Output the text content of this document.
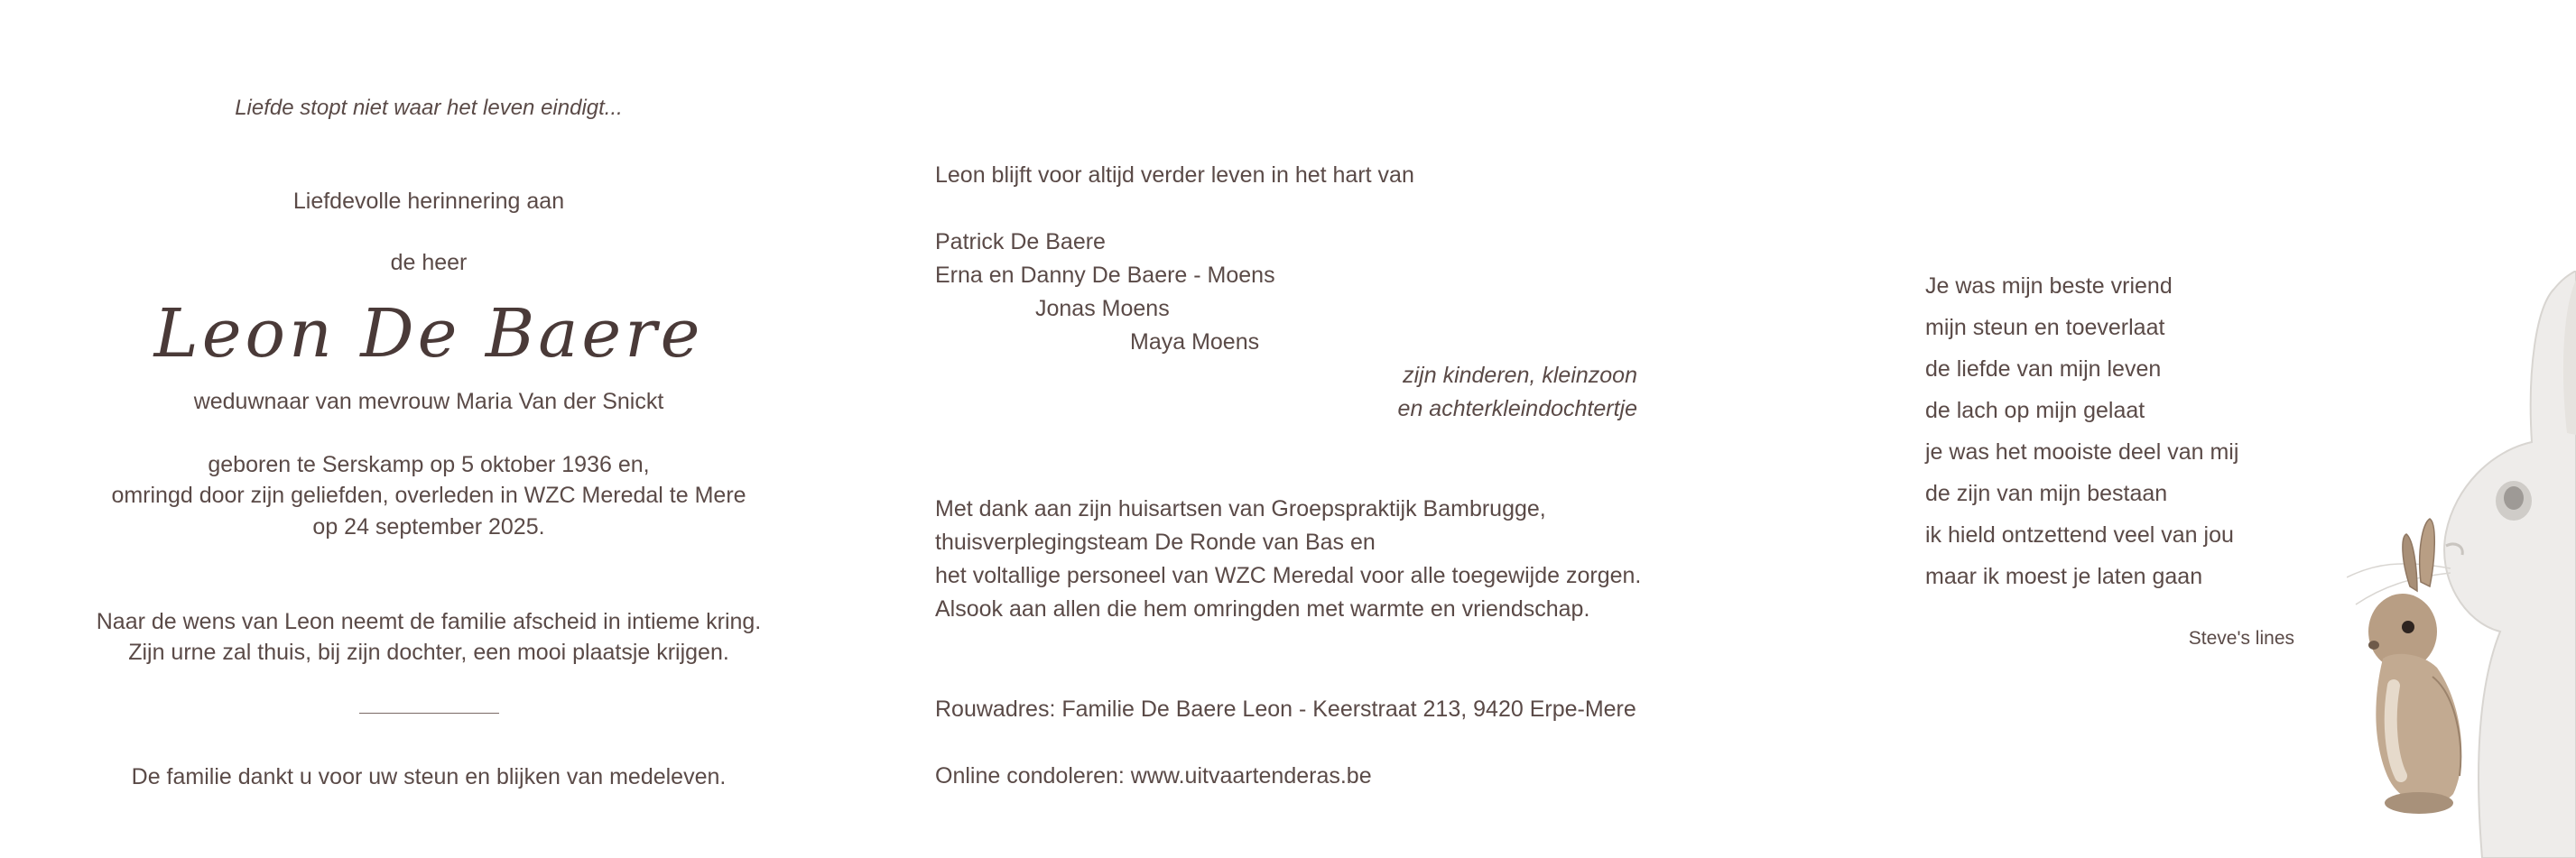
Liefde stopt niet waar het leven eindigt...
Liefdevolle herinnering aan
de heer
Leon De Baere
weduwnaar van mevrouw Maria Van der Snickt
geboren te Serskamp op 5 oktober 1936 en,
omringd door zijn geliefden, overleden in WZC Meredal te Mere
op 24 september 2025.
Naar de wens van Leon neemt de familie afscheid in intieme kring.
Zijn urne zal thuis, bij zijn dochter, een mooi plaatsje krijgen.
De familie dankt u voor uw steun en blijken van medeleven.
Leon blijft voor altijd verder leven in het hart van
Patrick De Baere
Erna en Danny De Baere - Moens
Jonas Moens
Maya Moens
zijn kinderen, kleinzoon
en achterkleindochtertje
Met dank aan zijn huisartsen van Groepspraktijk Bambrugge,
thuisverplegingsteam De Ronde van Bas en
het voltallige personeel van WZC Meredal voor alle toegewijde zorgen.
Alsook aan allen die hem omringden met warmte en vriendschap.
Rouwadres: Familie De Baere Leon - Keerstraat 213, 9420 Erpe-Mere
Online condoleren: www.uitvaartenderas.be
Je was mijn beste vriend
mijn steun en toeverlaat
de liefde van mijn leven
de lach op mijn gelaat
je was het mooiste deel van mij
de zijn van mijn bestaan
ik hield ontzettend veel van jou
maar ik moest je laten gaan
Steve's lines
